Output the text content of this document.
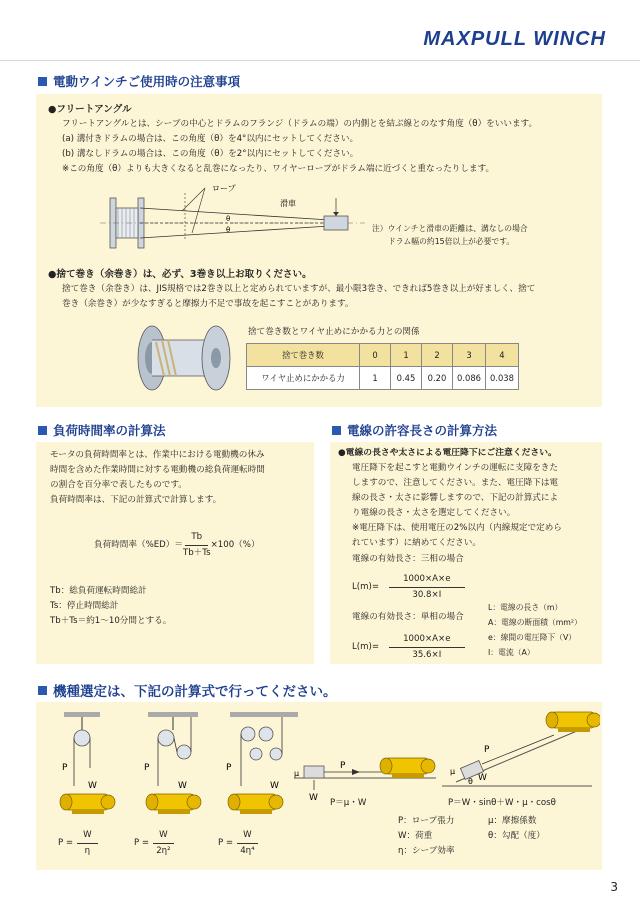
MAXPULL WINCH
電動ウインチご使用時の注意事項
●フリートアングル
フリートアングルとは、シーブの中心とドラムのフランジ（ドラムの端）の内側とを結ぶ線とのなす角度（θ）をいいます。
(a) 溝付きドラムの場合は、この角度（θ）を4°以内にセットしてください。
(b) 溝なしドラムの場合は、この角度（θ）を2°以内にセットしてください。
※この角度（θ）よりも大きくなると乱巻になったり、ワイヤーロープがドラム端に近づくと重なったりします。
ロープ
滑車
θ
θ	注）ウインチと滑車の距離は、溝なしの場合
ドラム幅の約15倍以上が必要です。
●捨て巻き（余巻き）は、必ず、3巻き以上お取りください。
捨て巻き（余巻き）は、JIS規格では2巻き以上と定められていますが、最小限3巻き、できれば5巻き以上が好ましく、捨て
巻き（余巻き）が少なすぎると摩擦力不足で事故を起こすことがあります。
捨て巻き数とワイヤ止めにかかる力との関係
捨て巻き数	0	1	2	3	4
ワイヤ止めにかかる力	1	0.45	0.20	0.086	0.038
負荷時間率の計算法
モータの負荷時間率とは、作業中における電動機の休み
時間を含めた作業時間に対する電動機の総負荷運転時間
の割合を百分率で表したものです。
負荷時間率は、下記の計算式で計算します。
負荷時間率$(\%ED)= \frac{Tb}{Tb+Ts} \times 100(\%)$
Tb：総負荷運転時間総計
Ts：停止時間総計
Tb＋Ts＝約1～10分間とする。
電線の許容長さの計算方法
●電線の長さや太さによる電圧降下にご注意ください。
電圧降下を起こすと電動ウインチの運転に支障をきた
しますので、注意してください。また、電圧降下は電
線の長さ・太さに影響しますので、下記の計算式によ
り電線の長さ・太さを選定してください。
※電圧降下は、使用電圧の2%以内（内線規定で定めら
れています）に納めてください。
電線の有効長さ：三相の場合
$L(m)= \frac{1000\times A\times e}{30.8\times I}$
電線の有効長さ：単相の場合
$L(m)= \frac{1000\times A\times e}{35.6\times I}$
L：電線の長さ（m）
A：電線の断面積（mm²）
e：線間の電圧降下（V）
I：電流（A）
機種選定は、下記の計算式で行ってください。
P
W
P
W
P
W
P
μ
W
P
μ
θ W
$P = \frac{W}{\eta}$	$P = \frac{W}{\text{2η²}}$	$P = \frac{W}{\text{4η⁴}}$
P＝μ・W	P＝W・sinθ＋W・μ・cosθ
P：ロープ張力
W：荷重
η：シーブ効率
μ：摩擦係数
θ：勾配（度）
3
